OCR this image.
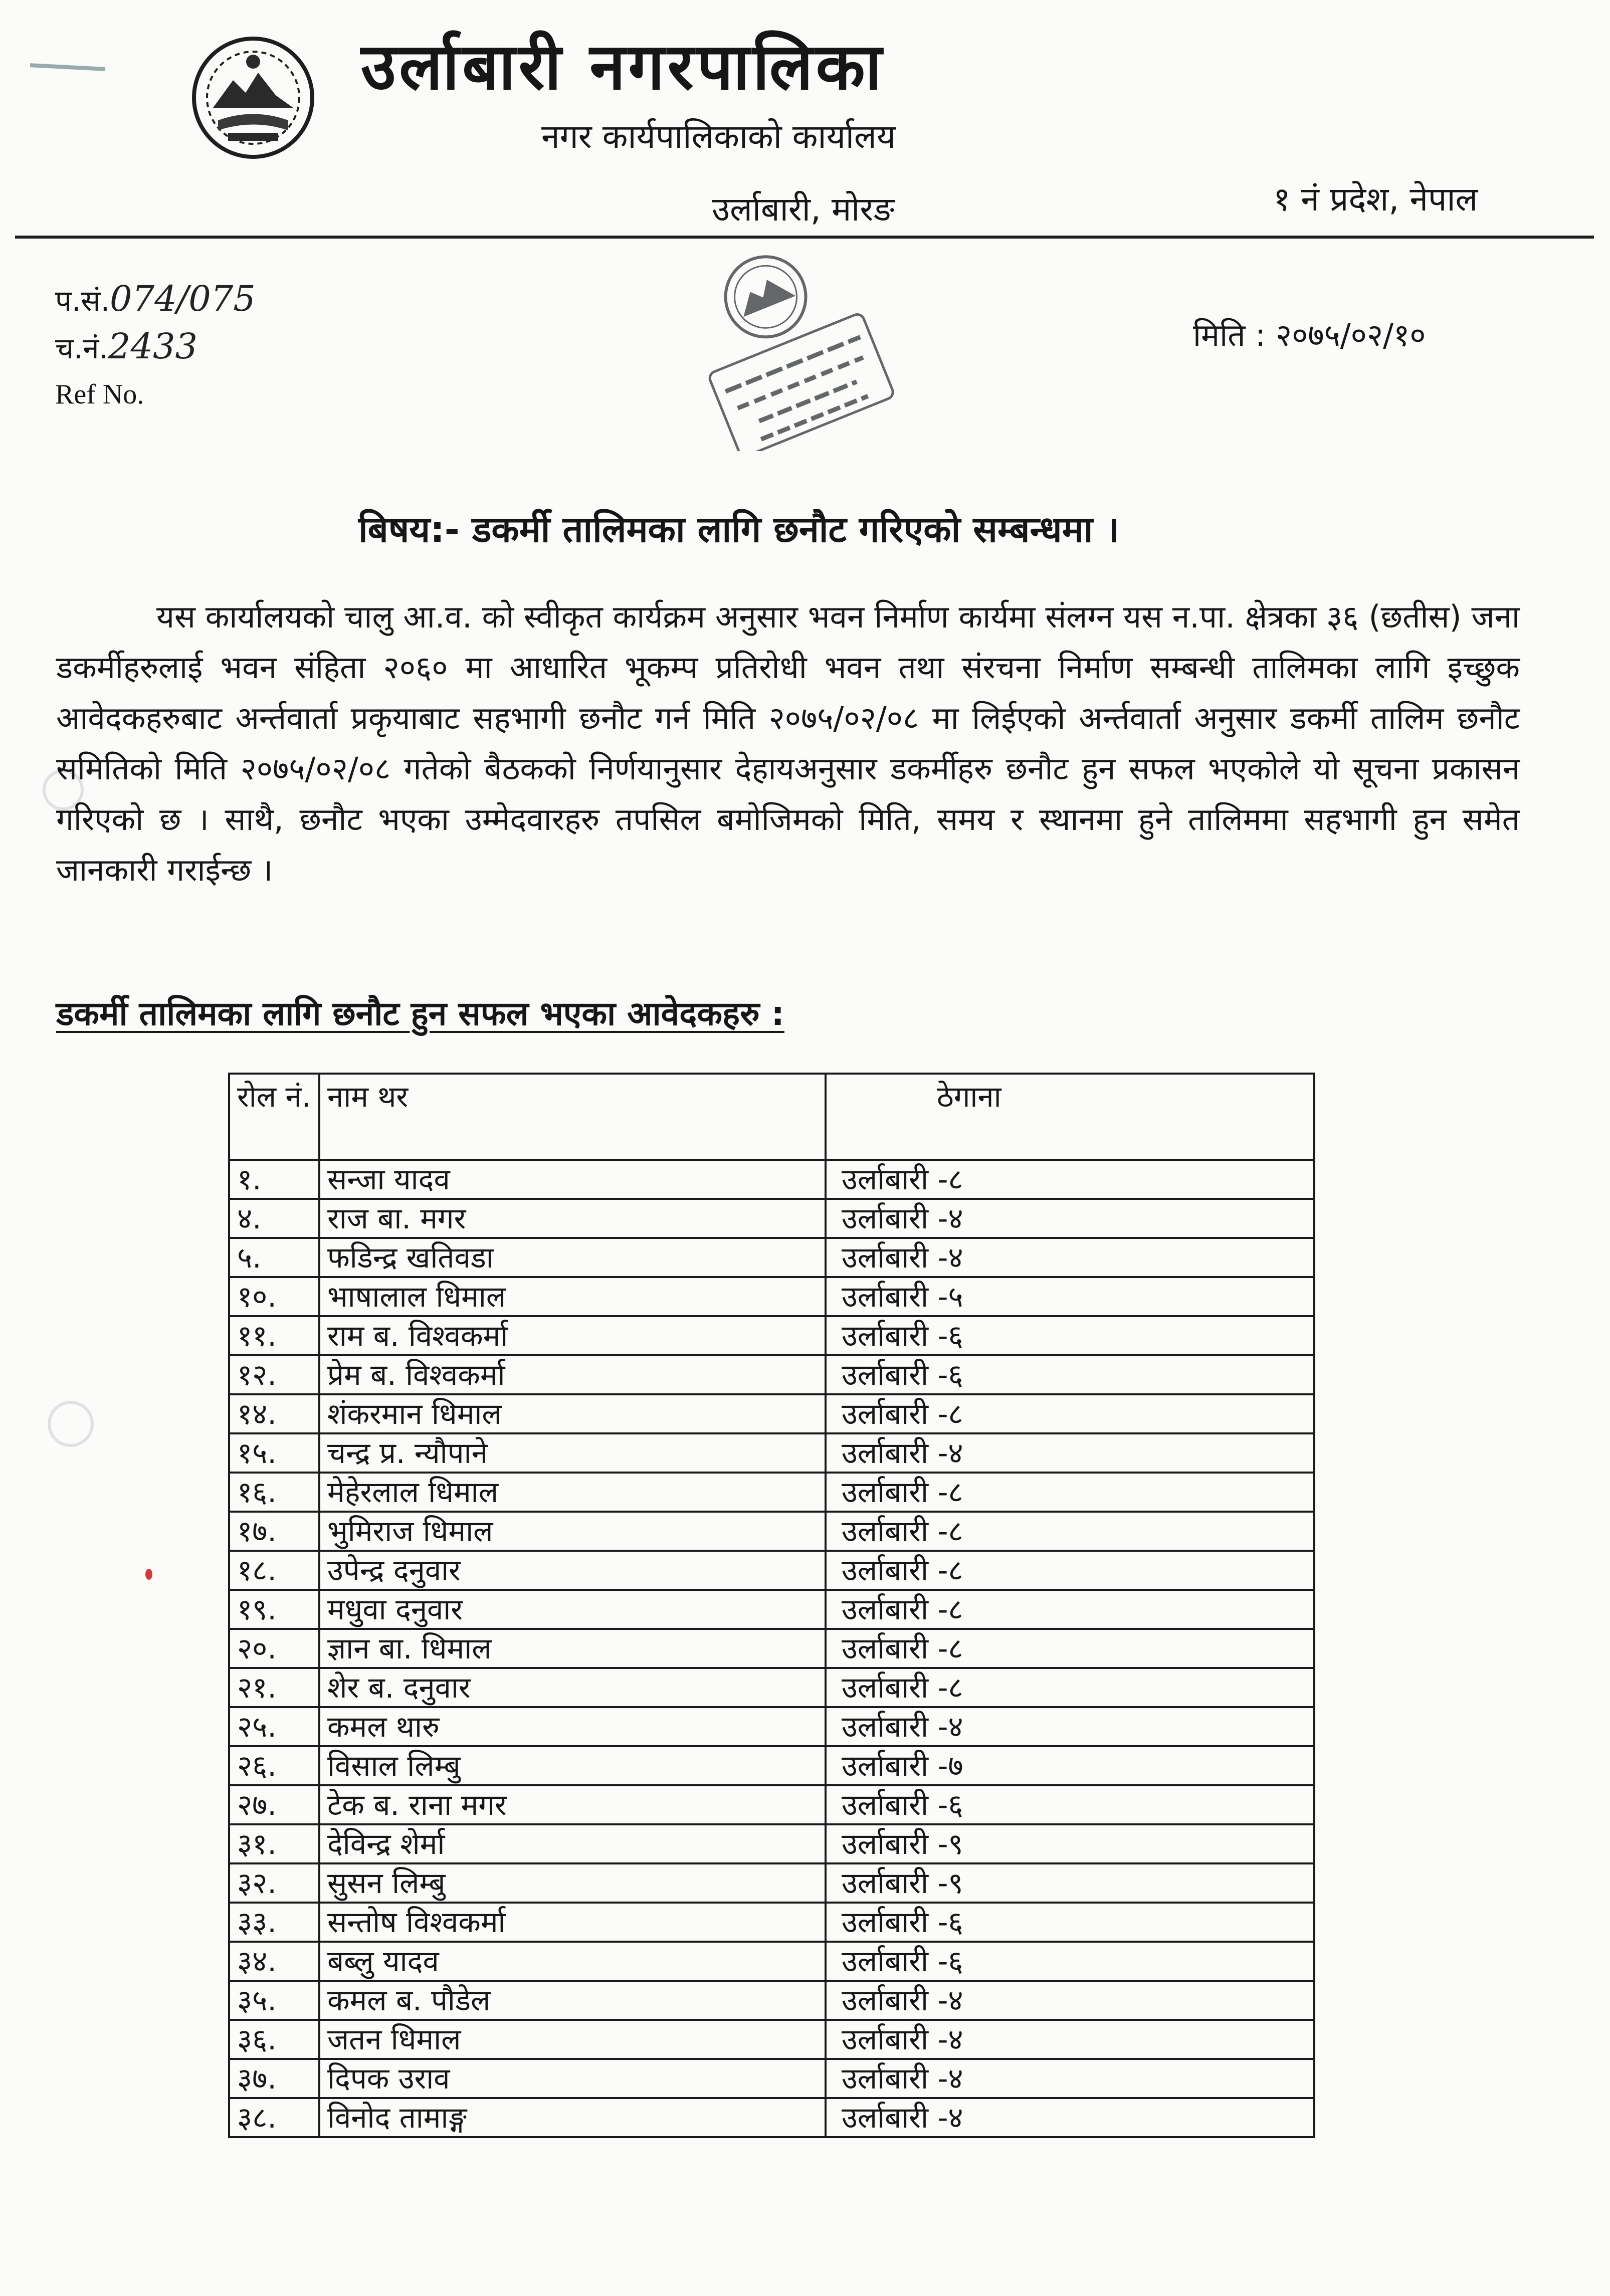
उर्लाबारी नगरपालिका
नगर कार्यपालिकाको कार्यालय
उर्लाबारी, मोरङ	१ नं प्रदेश, नेपाल
प.सं.074/075
च.नं.2433
Ref No.
मिति : २०७५/०२/१०
बिषय:- डकर्मी तालिमका लागि छनौट गरिएको सम्बन्धमा ।
यस कार्यालयको चालु आ.व. को स्वीकृत कार्यक्रम अनुसार भवन निर्माण कार्यमा संलग्न यस न.पा. क्षेत्रका ३६ (छतीस) जना डकर्मीहरुलाई भवन संहिता २०६० मा आधारित भूकम्प प्रतिरोधी भवन तथा संरचना निर्माण सम्बन्धी तालिमका लागि इच्छुक आवेदकहरुबाट अर्न्तवार्ता प्रकृयाबाट सहभागी छनौट गर्न मिति २०७५/०२/०८ मा लिईएको अर्न्तवार्ता अनुसार डकर्मी तालिम छनौट समितिको मिति २०७५/०२/०८ गतेको बैठकको निर्णयानुसार देहायअनुसार डकर्मीहरु छनौट हुन सफल भएकोले यो सूचना प्रकासन गरिएको छ । साथै, छनौट भएका उम्मेदवारहरु तपसिल बमोजिमको मिति, समय र स्थानमा हुने तालिममा सहभागी हुन समेत जानकारी गराईन्छ ।
डकर्मी तालिमका लागि छनौट हुन सफल भएका आवेदकहरु :
रोल नं.	नाम थर	ठेगाना
१.	सन्जा यादव	उर्लाबारी -८
४.	राज बा. मगर	उर्लाबारी -४
५.	फडिन्द्र खतिवडा	उर्लाबारी -४
१०.	भाषालाल धिमाल	उर्लाबारी -५
११.	राम ब. विश्वकर्मा	उर्लाबारी -६
१२.	प्रेम ब. विश्वकर्मा	उर्लाबारी -६
१४.	शंकरमान धिमाल	उर्लाबारी -८
१५.	चन्द्र प्र. न्यौपाने	उर्लाबारी -४
१६.	मेहेरलाल धिमाल	उर्लाबारी -८
१७.	भुमिराज धिमाल	उर्लाबारी -८
१८.	उपेन्द्र दनुवार	उर्लाबारी -८
१९.	मधुवा दनुवार	उर्लाबारी -८
२०.	ज्ञान बा. धिमाल	उर्लाबारी -८
२१.	शेर ब. दनुवार	उर्लाबारी -८
२५.	कमल थारु	उर्लाबारी -४
२६.	विसाल लिम्बु	उर्लाबारी -७
२७.	टेक ब. राना मगर	उर्लाबारी -६
३१.	देविन्द्र शेर्मा	उर्लाबारी -९
३२.	सुसन लिम्बु	उर्लाबारी -९
३३.	सन्तोष विश्वकर्मा	उर्लाबारी -६
३४.	बब्लु यादव	उर्लाबारी -६
३५.	कमल ब. पौडेल	उर्लाबारी -४
३६.	जतन धिमाल	उर्लाबारी -४
३७.	दिपक उराव	उर्लाबारी -४
३८.	विनोद तामाङ्ग	उर्लाबारी -४
